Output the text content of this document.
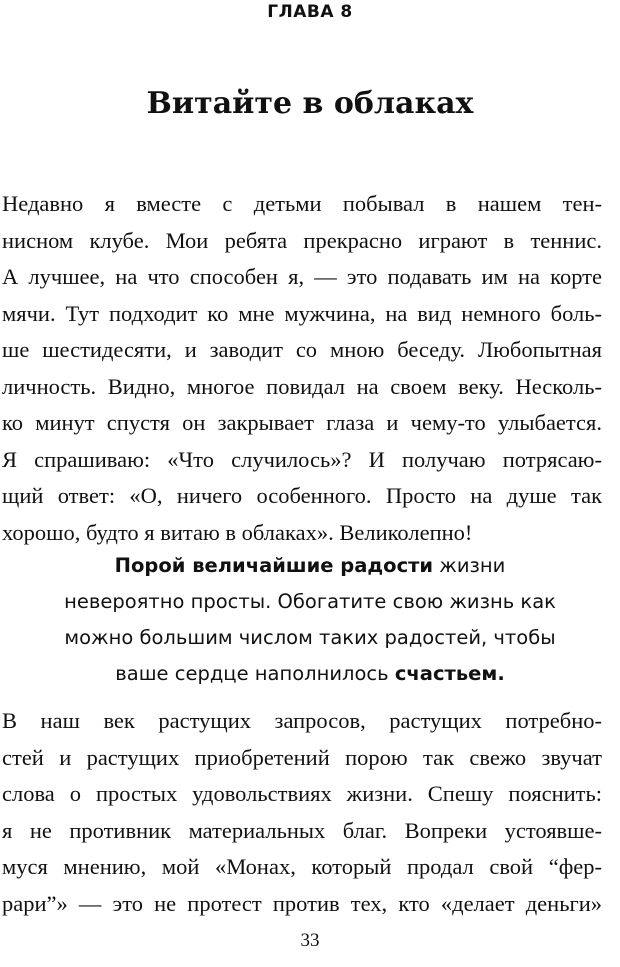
ГЛАВА 8
Витайте в облаках
Недавно я вместе с детьми побывал в нашем тен-
нисном клубе. Мои ребята прекрасно играют в теннис.
А лучшее, на что способен я, — это подавать им на корте
мячи. Тут подходит ко мне мужчина, на вид немного боль-
ше шестидесяти, и заводит со мною беседу. Любопытная
личность. Видно, многое повидал на своем веку. Несколь-
ко минут спустя он закрывает глаза и чему-то улыбается.
Я спрашиваю: «Что случилось»? И получаю потрясаю-
щий ответ: «О, ничего особенного. Просто на душе так
хорошо, будто я витаю в облаках». Великолепно!
Порой величайшие радости жизни
невероятно просты. Обогатите свою жизнь как
можно большим числом таких радостей, чтобы
ваше сердце наполнилось счастьем.
В наш век растущих запросов, растущих потребно-
стей и растущих приобретений порою так свежо звучат
слова о простых удовольствиях жизни. Спешу пояснить:
я не противник материальных благ. Вопреки устоявше-
муся мнению, мой «Монах, который продал свой “фер-
рари”» — это не протест против тех, кто «делает деньги»
33
